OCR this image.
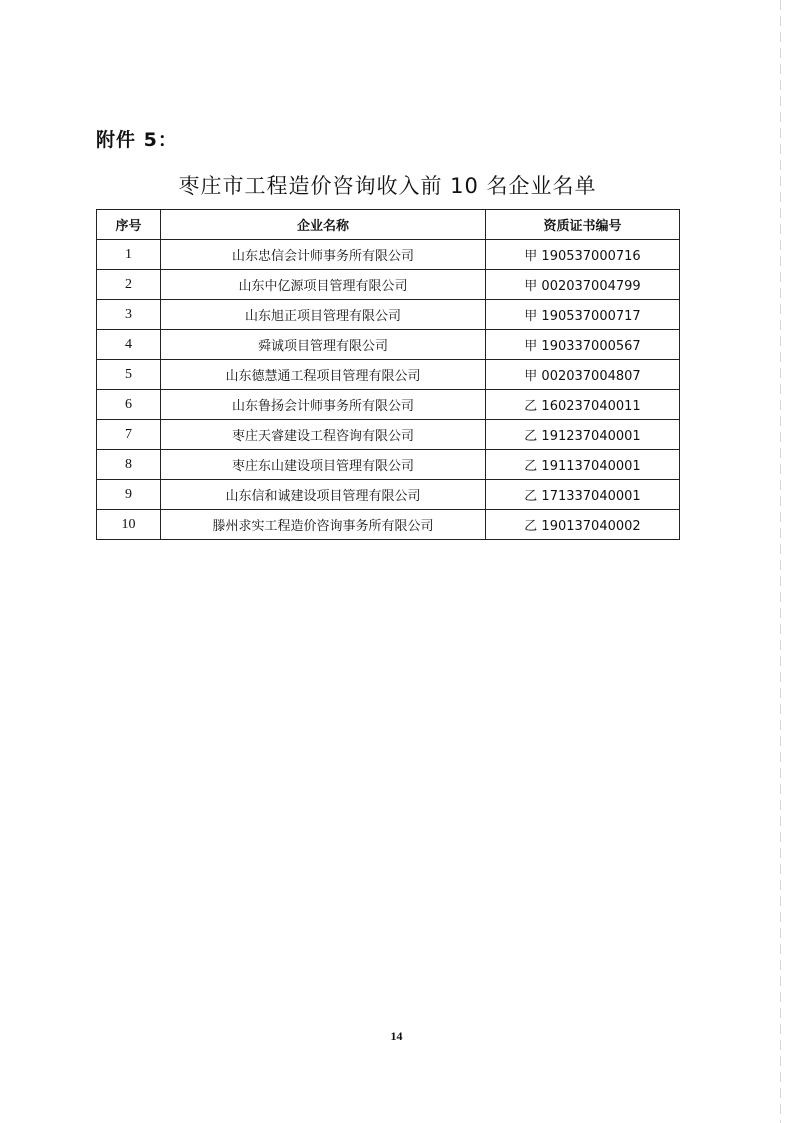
附件 5：
枣庄市工程造价咨询收入前 10 名企业名单
序号	企业名称	资质证书编号
1	山东忠信会计师事务所有限公司	甲 190537000716
2	山东中亿源项目管理有限公司	甲 002037004799
3	山东旭正项目管理有限公司	甲 190537000717
4	舜诚项目管理有限公司	甲 190337000567
5	山东德慧通工程项目管理有限公司	甲 002037004807
6	山东鲁扬会计师事务所有限公司	乙 160237040011
7	枣庄天睿建设工程咨询有限公司	乙 191237040001
8	枣庄东山建设项目管理有限公司	乙 191137040001
9	山东信和诚建设项目管理有限公司	乙 171337040001
10	滕州求实工程造价咨询事务所有限公司	乙 190137040002
14
